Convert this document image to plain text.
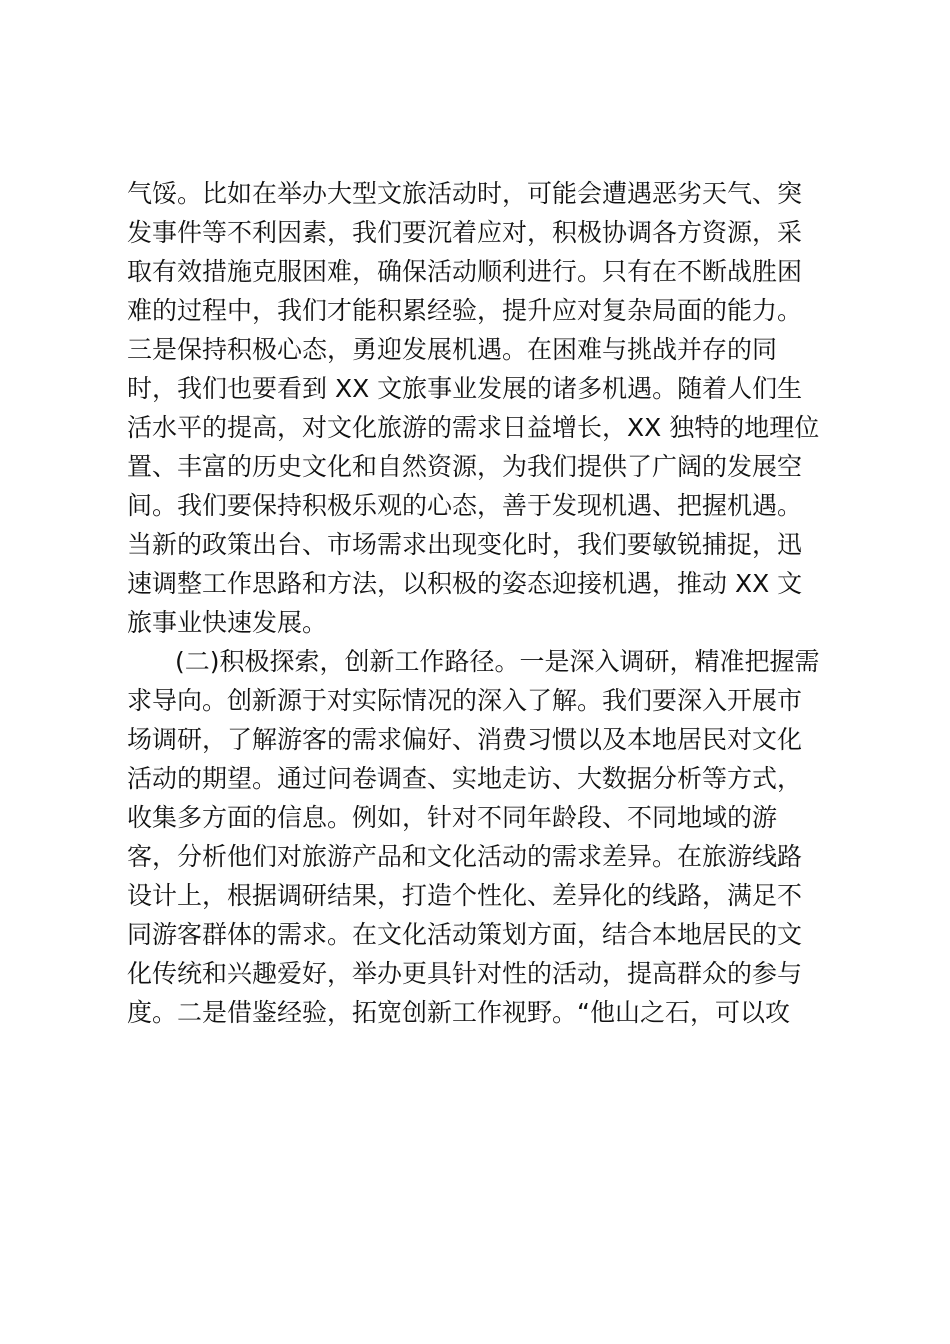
气馁。比如在举办大型文旅活动时，可能会遭遇恶劣天气、突
发事件等不利因素，我们要沉着应对，积极协调各方资源，采
取有效措施克服困难，确保活动顺利进行。只有在不断战胜困
难的过程中，我们才能积累经验，提升应对复杂局面的能力。
三是保持积极心态，勇迎发展机遇。在困难与挑战并存的同
时，我们也要看到 XX 文旅事业发展的诸多机遇。随着人们生
活水平的提高，对文化旅游的需求日益增长，XX 独特的地理位
置、丰富的历史文化和自然资源，为我们提供了广阔的发展空
间。我们要保持积极乐观的心态，善于发现机遇、把握机遇。
当新的政策出台、市场需求出现变化时，我们要敏锐捕捉，迅
速调整工作思路和方法，以积极的姿态迎接机遇，推动 XX 文
旅事业快速发展。
(二)积极探索，创新工作路径。一是深入调研，精准把握需
求导向。创新源于对实际情况的深入了解。我们要深入开展市
场调研，了解游客的需求偏好、消费习惯以及本地居民对文化
活动的期望。通过问卷调查、实地走访、大数据分析等方式，
收集多方面的信息。例如，针对不同年龄段、不同地域的游
客，分析他们对旅游产品和文化活动的需求差异。在旅游线路
设计上，根据调研结果，打造个性化、差异化的线路，满足不
同游客群体的需求。在文化活动策划方面，结合本地居民的文
化传统和兴趣爱好，举办更具针对性的活动，提高群众的参与
度。二是借鉴经验，拓宽创新工作视野。“他山之石，可以攻
